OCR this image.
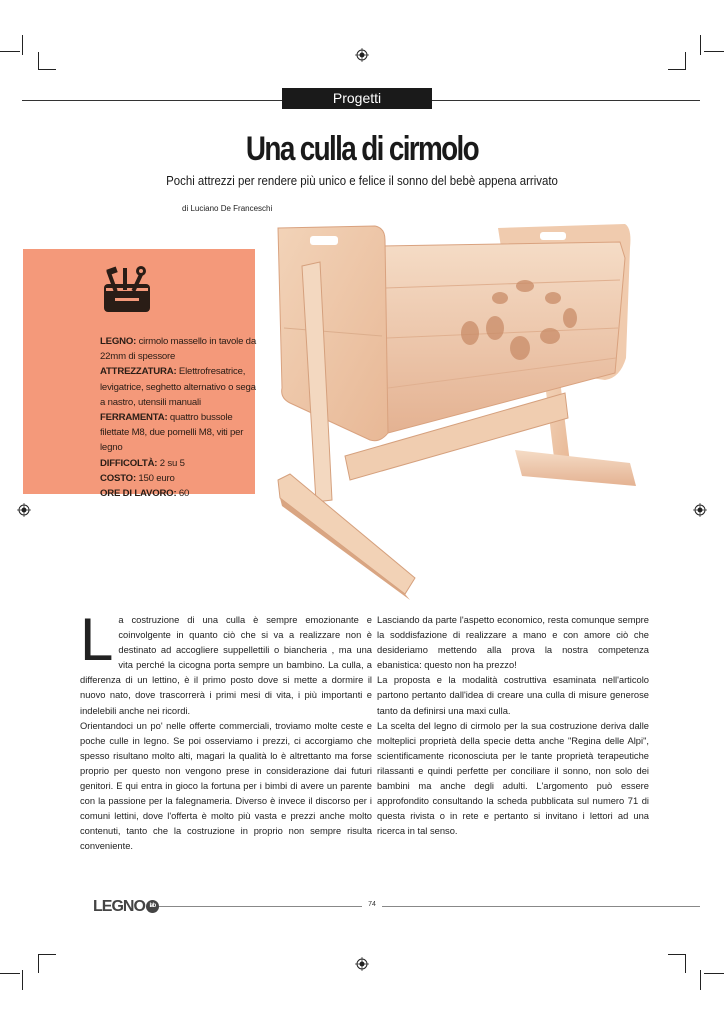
Progetti
Una culla di cirmolo
Pochi attrezzi per rendere più unico e felice il sonno del bebè appena arrivato
di Luciano De Franceschi
LEGNO: cirmolo massello in tavole da 22mm di spessore
ATTREZZATURA: Elettrofresatrice, levigatrice, seghetto alternativo o sega a nastro, utensili manuali
FERRAMENTA: quattro bussole filettate M8, due pomelli M8, viti per legno
DIFFICOLTÀ: 2 su 5
COSTO: 150 euro
ORE DI LAVORO: 60
L a costruzione di una culla è sempre emozionante e coinvolgente in quanto ciò che si va a realizzare non è destinato ad accogliere suppellettili o biancheria , ma una vita perché la cicogna porta sempre un bambino. La culla, a differenza di un lettino, è il primo posto dove si mette a dormire il nuovo nato, dove trascorrerà i primi mesi di vita, i più importanti e indelebili anche nei ricordi.

Orientandoci un po' nelle offerte commerciali, troviamo molte ceste e poche culle in legno. Se poi osserviamo i prezzi, ci accorgiamo che spesso risultano molto alti, magari la qualità lo è altrettanto ma forse proprio per questo non vengono prese in considerazione dai futuri genitori. E qui entra in gioco la fortuna per i bimbi di avere un parente con la passione per la falegnameria. Diverso è invece il discorso per i comuni lettini, dove l'offerta è molto più vasta e prezzi anche molto contenuti, tanto che la costruzione in proprio non sempre risulta conveniente.

Lasciando da parte l'aspetto economico, resta comunque sempre la soddisfazione di realizzare a mano e con amore ciò che desideriamo mettendo alla prova la nostra competenza ebanistica: questo non ha prezzo!

La proposta e la modalità costruttiva esaminata nell'articolo partono pertanto dall'idea di creare una culla di misure generose tanto da definirsi una maxi culla.

La scelta del legno di cirmolo per la sua costruzione deriva dalle molteplici proprietà della specie detta anche "Regina delle Alpi", scientificamente riconosciuta per le tante proprietà terapeutiche rilassanti e quindi perfette per conciliare il sonno, non solo dei bambini ma anche degli adulti. L'argomento può essere approfondito consultando la scheda pubblicata sul numero 71 di questa rivista o in rete e pertanto si invitano i lettori ad una ricerca in tal senso.

LEGNO lab	74
